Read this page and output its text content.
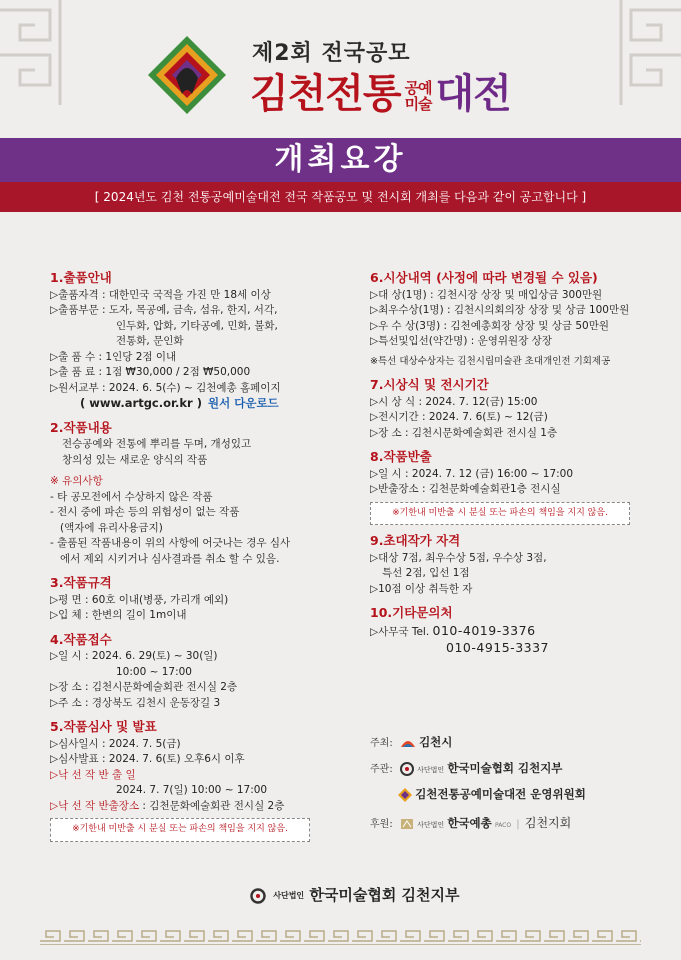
제2회 전국공모
김천전통 공예
미술 대전
개최요강
[ 2024년도 김천 전통공예미술대전 전국 작품공모 및 전시회 개최를 다음과 같이 공고합니다 ]
1.출품안내
▷출품자격 : 대한민국 국적을 가진 만 18세 이상
▷출품부문 : 도자, 목공예, 금속, 섬유, 한지, 서각,
인두화, 압화, 기타공예, 민화, 불화,
전통화, 문인화
▷출 품 수 : 1인당 2점 이내
▷출 품 료 : 1점 ₩30,000 / 2점 ₩50,000
▷원서교부 : 2024. 6. 5(수) ~ 김천예총 홈페이지
( www.artgc.or.kr ) 원서 다운로드
2.작품내용
전승공예와 전통에 뿌리를 두며, 개성있고
창의성 있는 새로운 양식의 작품
※ 유의사항
- 타 공모전에서 수상하지 않은 작품
- 전시 중에 파손 등의 위험성이 없는 작품
(액자에 유리사용금지)
- 출품된 작품내용이 위의 사항에 어긋나는 경우 심사
에서 제외 시키거나 심사결과를 취소 할 수 있음.
3.작품규격
▷평 면 : 60호 이내(병풍, 가리개 예외)
▷입 체 : 한변의 길이 1m이내
4.작품접수
▷일 시 : 2024. 6. 29(토) ~ 30(일)
10:00 ~ 17:00
▷장 소 : 김천시문화예술회관 전시실 2층
▷주 소 : 경상북도 김천시 운동장길 3
5.작품심사 및 발표
▷심사일시 : 2024. 7. 5(금)
▷심사발표 : 2024. 7. 6(토) 오후6시 이후
▷낙 선 작 반 출 일
2024. 7. 7(일) 10:00 ~ 17:00
▷낙 선 작 반출장소 : 김천문화예술회관 전시실 2층
※기한내 미반출 시 분실 또는 파손의 책임을 지지 않음.
6.시상내역 (사정에 따라 변경될 수 있음)
▷대 상(1명) : 김천시장 상장 및 매입상금 300만원
▷최우수상(1명) : 김천시의회의장 상장 및 상금 100만원
▷우 수 상(3명) : 김천예총회장 상장 및 상금 50만원
▷특선및입선(약간명) : 운영위원장 상장
※특선 대상수상자는 김천시립미술관 초대개인전 기회제공
7.시상식 및 전시기간
▷시 상 식 : 2024. 7. 12(금) 15:00
▷전시기간 : 2024. 7. 6(토) ~ 12(금)
▷장 소 : 김천시문화예술회관 전시실 1층
8.작품반출
▷일 시 : 2024. 7. 12 (금) 16:00 ~ 17:00
▷반출장소 : 김천문화예술회관1층 전시실
※기한내 미반출 시 분실 또는 파손의 책임을 지지 않음.
9.초대작가 자격
▷대상 7점, 최우수상 5점, 우수상 3점,
특선 2점, 입선 1점
▷10점 이상 취득한 자
10.기타문의처
▷사무국 Tel. 010-4019-3376
010-4915-3337
주최: 김천시
주관:	사단법인 한국미술협회 김천지부
김천전통공예미술대전 운영위원회
후원:	사단법인 한국예총 PACO | 김천지회
사단법인 한국미술협회 김천지부
